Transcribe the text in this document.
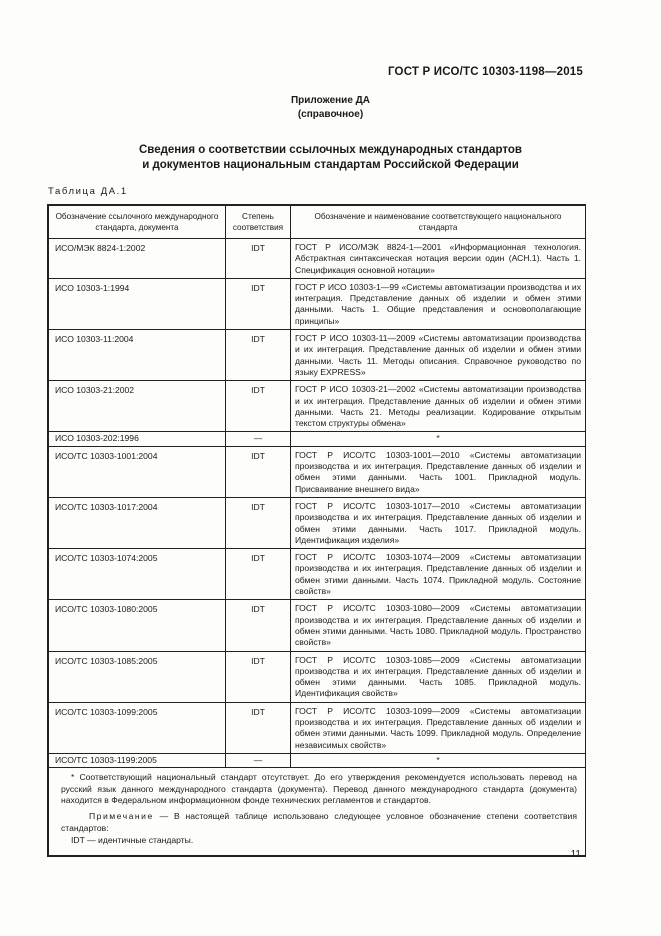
ГОСТ Р ИСО/ТС 10303-1198—2015
Приложение ДА
(справочное)
Сведения о соответствии ссылочных международных стандартов
и документов национальным стандартам Российской Федерации
Таблица ДА.1
Обозначение ссылочного международного стандарта, документа	Степень соответствия	Обозначение и наименование соответствующего национального стандарта
ИСО/МЭК 8824-1:2002	IDT	ГОСТ Р ИСО/МЭК 8824-1—2001 «Информационная технология. Абстрактная синтаксическая нотация версии один (АСН.1). Часть 1. Спецификация основной нотации»
ИСО 10303-1:1994	IDT	ГОСТ Р ИСО 10303-1—99 «Системы автоматизации производства и их интеграция. Представление данных об изделии и обмен этими данными. Часть 1. Общие представления и основополагающие принципы»
ИСО 10303-11:2004	IDT	ГОСТ Р ИСО 10303-11—2009 «Системы автоматизации производства и их интеграция. Представление данных об изделии и обмен этими данными. Часть 11. Методы описания. Справочное руководство по языку EXPRESS»
ИСО 10303-21:2002	IDT	ГОСТ Р ИСО 10303-21—2002 «Системы автоматизации производства и их интеграция. Представление данных об изделии и обмен этими данными. Часть 21. Методы реализации. Кодирование открытым текстом структуры обмена»
ИСО 10303-202:1996	—	*
ИСО/ТС 10303-1001:2004	IDT	ГОСТ Р ИСО/ТС 10303-1001—2010 «Системы автоматизации производства и их интеграция. Представление данных об изделии и обмен этими данными. Часть 1001. Прикладной модуль. Присваивание внешнего вида»
ИСО/ТС 10303-1017:2004	IDT	ГОСТ Р ИСО/ТС 10303-1017—2010 «Системы автоматизации производства и их интеграция. Представление данных об изделии и обмен этими данными. Часть 1017. Прикладной модуль. Идентификация изделия»
ИСО/ТС 10303-1074:2005	IDT	ГОСТ Р ИСО/ТС 10303-1074—2009 «Системы автоматизации производства и их интеграция. Представление данных об изделии и обмен этими данными. Часть 1074. Прикладной модуль. Состояние свойств»
ИСО/ТС 10303-1080:2005	IDT	ГОСТ Р ИСО/ТС 10303-1080—2009 «Системы автоматизации производства и их интеграция. Представление данных об изделии и обмен этими данными. Часть 1080. Прикладной модуль. Пространство свойств»
ИСО/ТС 10303-1085:2005	IDT	ГОСТ Р ИСО/ТС 10303-1085—2009 «Системы автоматизации производства и их интеграция. Представление данных об изделии и обмен этими данными. Часть 1085. Прикладной модуль. Идентификация свойств»
ИСО/ТС 10303-1099:2005	IDT	ГОСТ Р ИСО/ТС 10303-1099—2009 «Системы автоматизации производства и их интеграция. Представление данных об изделии и обмен этими данными. Часть 1099. Прикладной модуль. Определение независимых свойств»
ИСО/ТС 10303-1199:2005	—	*

* Соответствующий национальный стандарт отсутствует. До его утверждения рекомендуется использовать перевод на русский язык данного международного стандарта (документа). Перевод данного международного стандарта (документа) находится в Федеральном информационном фонде технических регламентов и стандартов.

Примечание — В настоящей таблице использовано следующее условное обозначение степени соответствия стандартов:

IDT — идентичные стандарты.		

11
